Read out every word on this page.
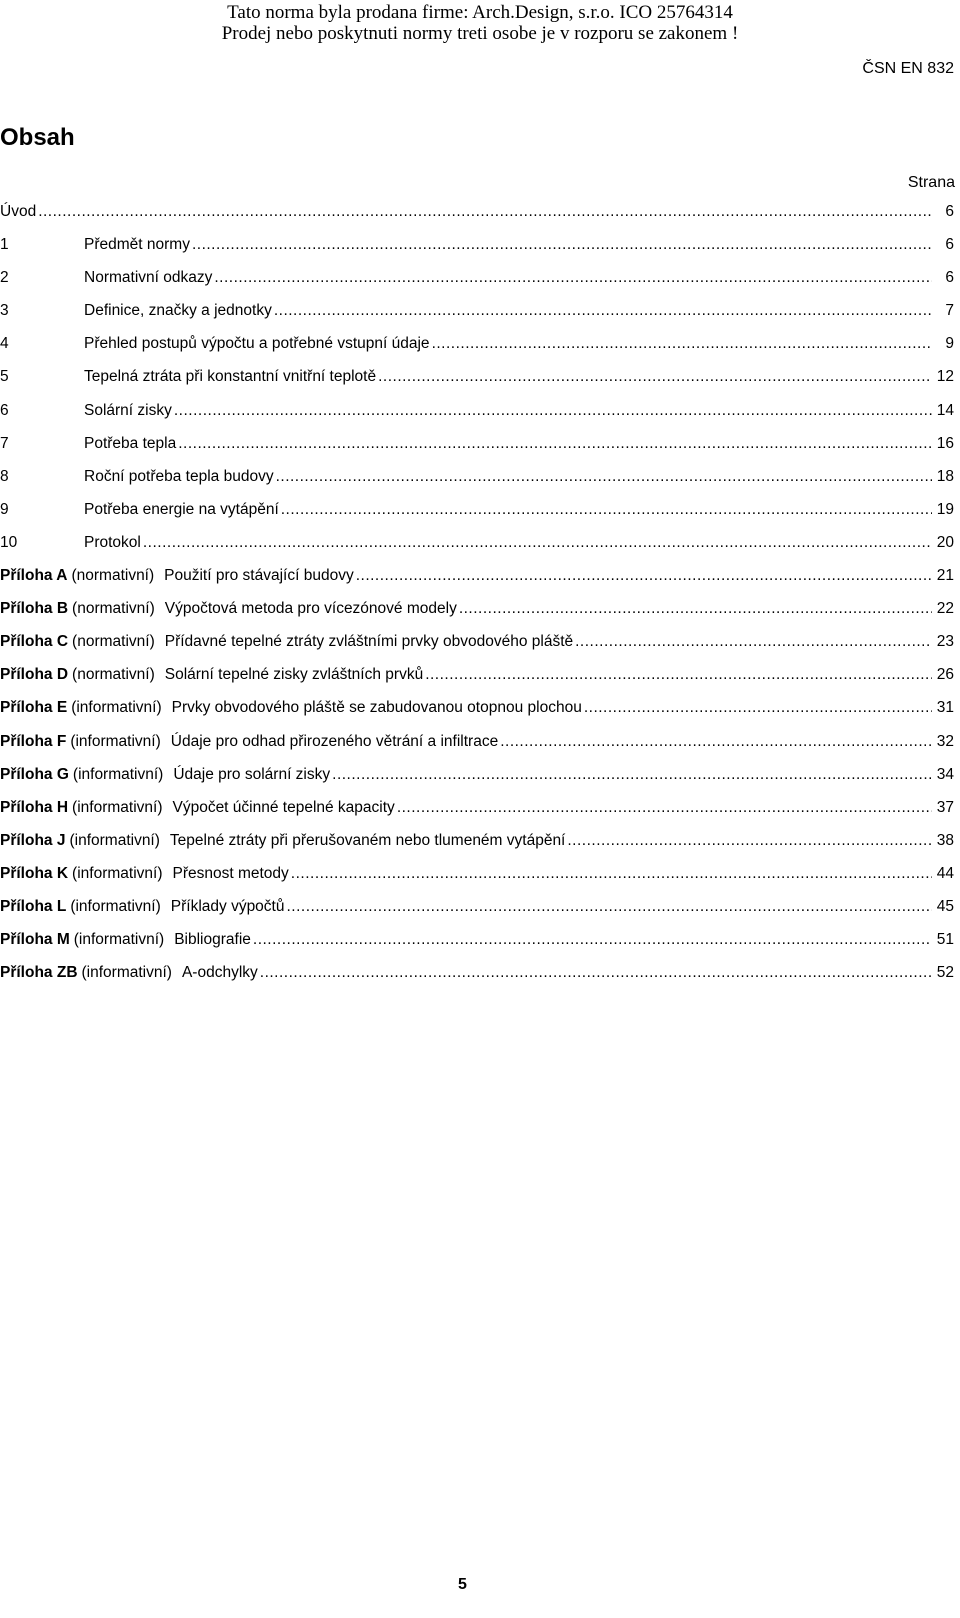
Tato norma byla prodana firme: Arch.Design, s.r.o. ICO 25764314
Prodej nebo poskytnuti normy treti osobe je v rozporu se zakonem !
ČSN EN 832
Obsah
Strana
Úvod .....	6
1	Předmět normy .....	6
2	Normativní odkazy .....	6
3	Definice, značky a jednotky .....	7
4	Přehled postupů výpočtu a potřebné vstupní údaje .....	9
5	Tepelná ztráta při konstantní vnitřní teplotě .....	12
6	Solární zisky .....	14
7	Potřeba tepla .....	16
8	Roční potřeba tepla budovy .....	18
9	Potřeba energie na vytápění .....	19
10	Protokol .....	20
Příloha A (normativní) Použití pro stávající budovy .....	21
Příloha B (normativní) Výpočtová metoda pro vícezónové modely .....	22
Příloha C (normativní) Přídavné tepelné ztráty zvláštními prvky obvodového pláště .....	23
Příloha D (normativní) Solární tepelné zisky zvláštních prvků .....	26
Příloha E (informativní) Prvky obvodového pláště se zabudovanou otopnou plochou .....	31
Příloha F (informativní) Údaje pro odhad přirozeného větrání a infiltrace .....	32
Příloha G (informativní) Údaje pro solární zisky .....	34
Příloha H (informativní) Výpočet účinné tepelné kapacity .....	37
Příloha J (informativní) Tepelné ztráty při přerušovaném nebo tlumeném vytápění .....	38
Příloha K (informativní) Přesnost metody .....	44
Příloha L (informativní) Příklady výpočtů .....	45
Příloha M (informativní) Bibliografie .....	51
Příloha ZB (informativní) A-odchylky .....	52
5
